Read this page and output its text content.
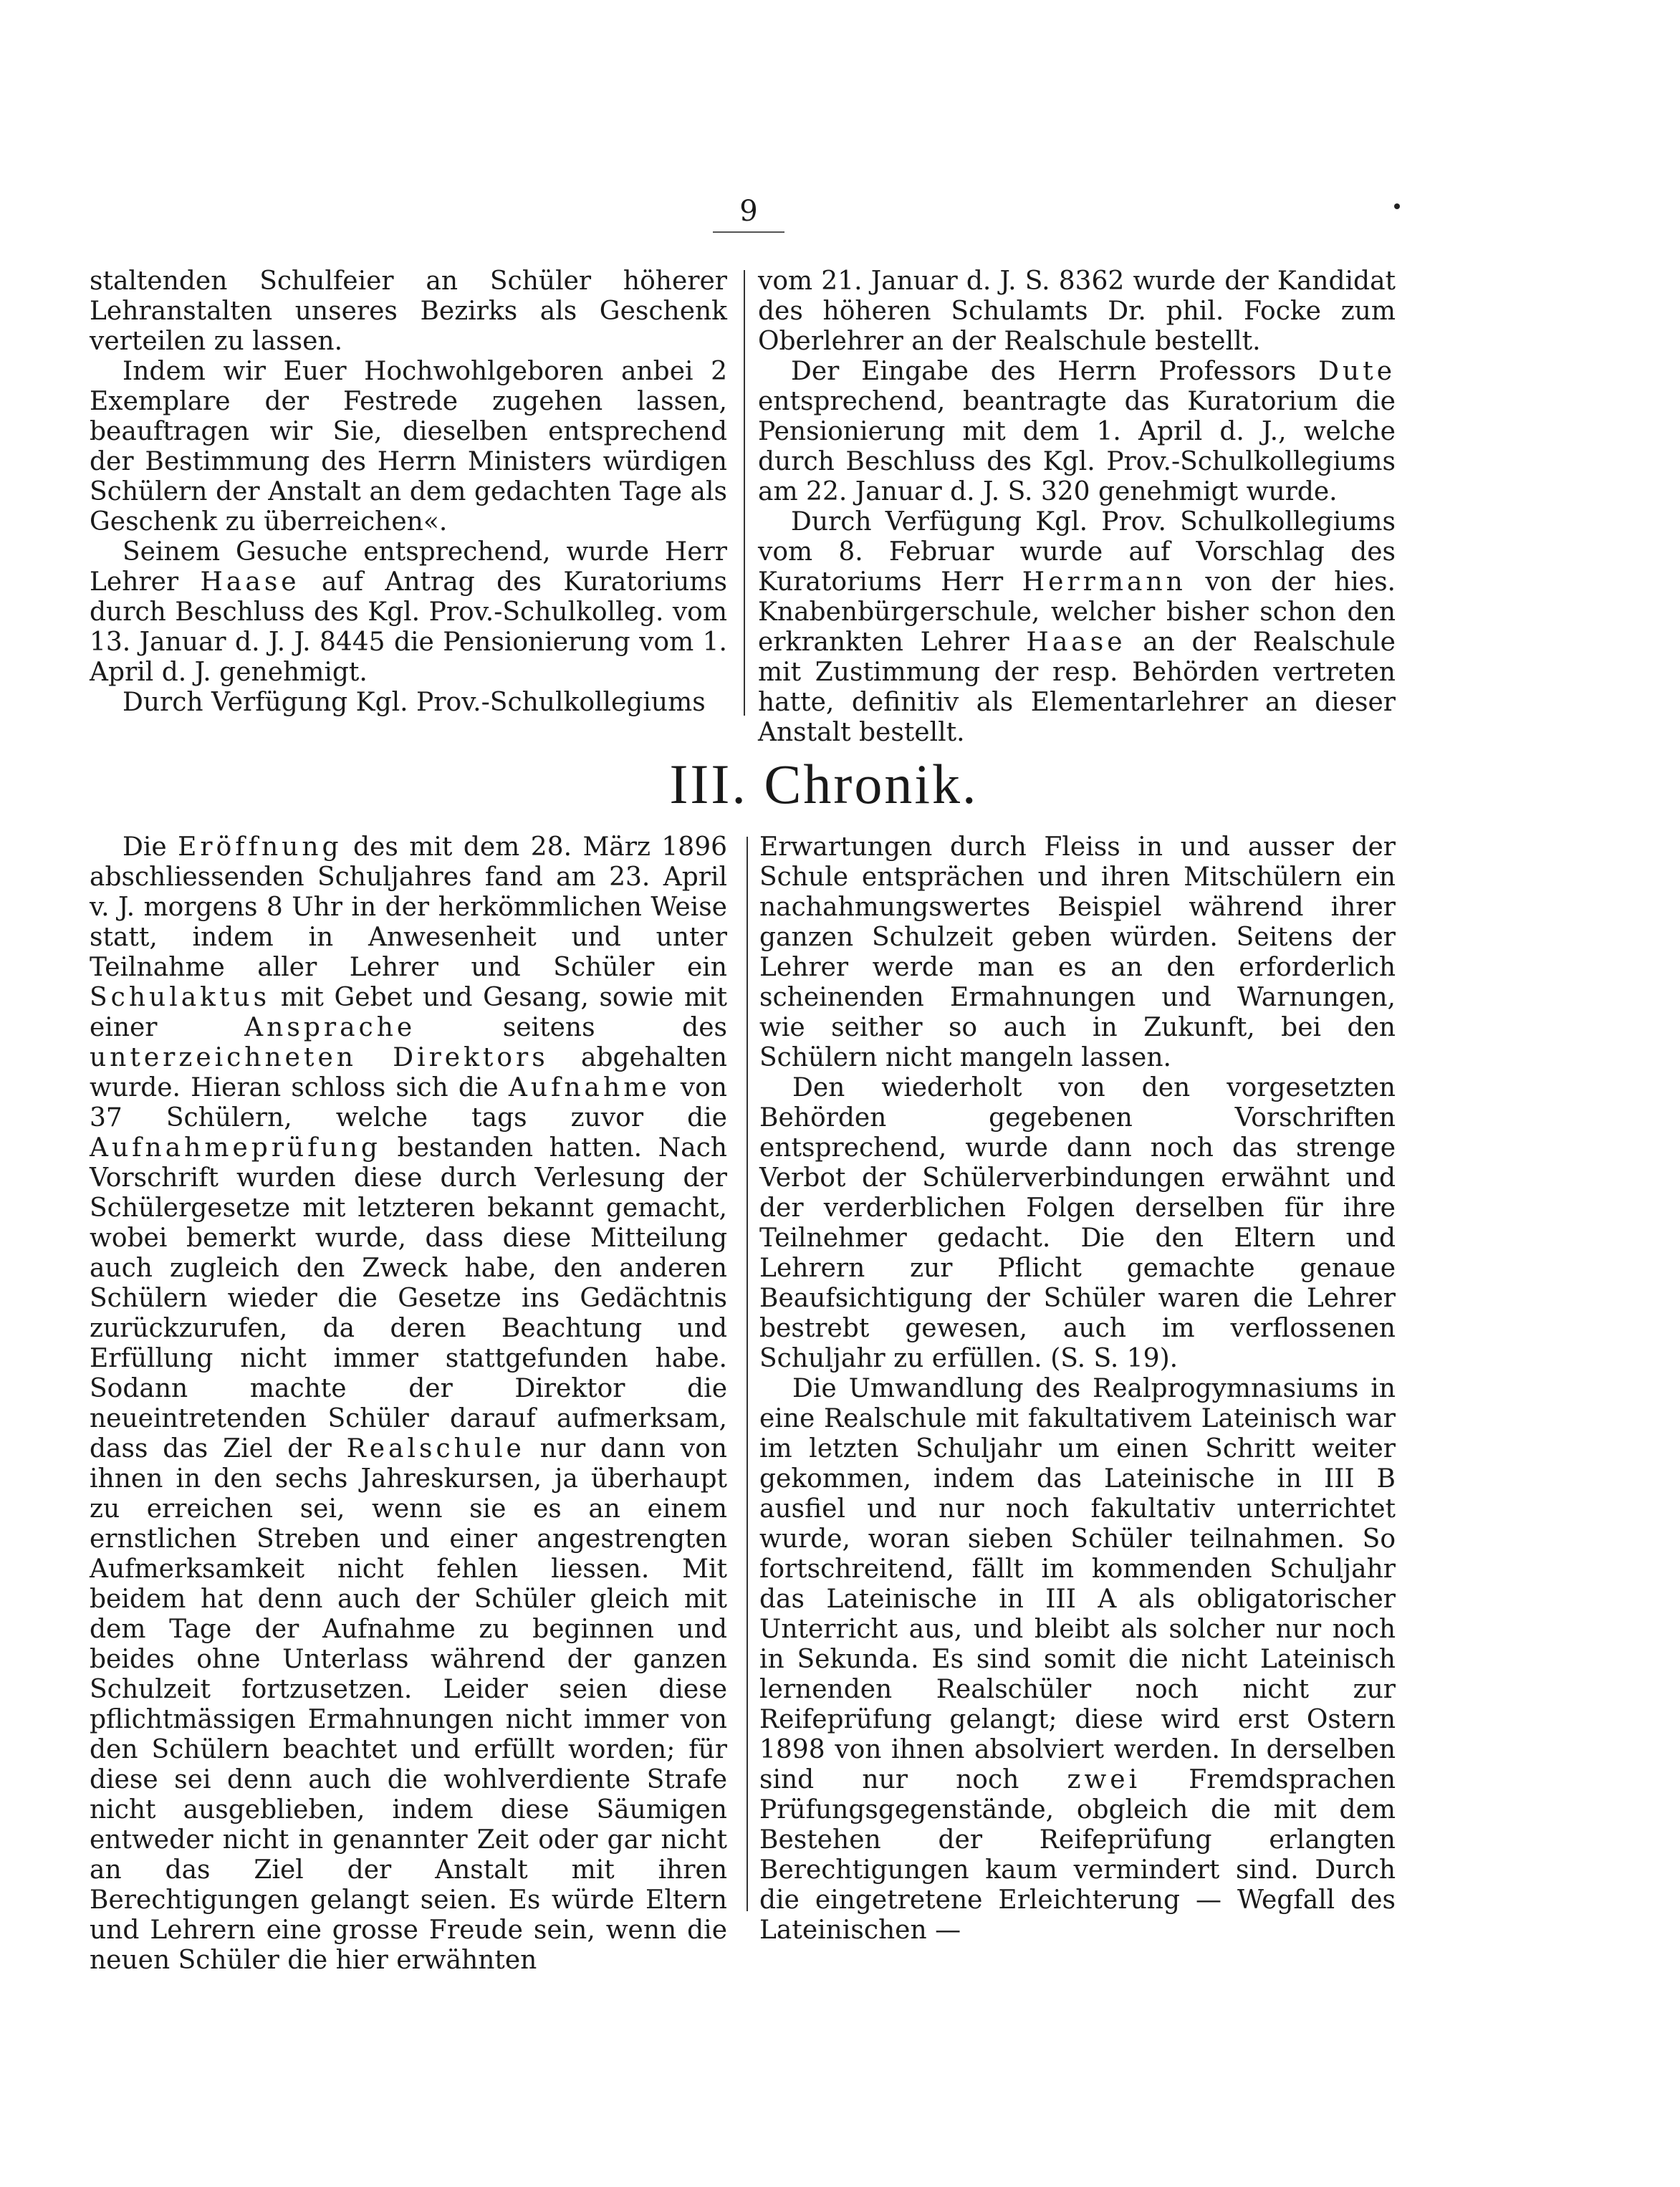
9

staltenden Schulfeier an Schüler höherer Lehranstalten unseres Bezirks als Geschenk verteilen zu lassen.

Indem wir Euer Hochwohlgeboren anbei 2 Exemplare der Festrede zugehen lassen, beauftragen wir Sie, dieselben entsprechend der Bestimmung des Herrn Ministers würdigen Schülern der Anstalt an dem gedachten Tage als Geschenk zu überreichen«.

Seinem Gesuche entsprechend, wurde Herr Lehrer Haase auf Antrag des Kuratoriums durch Beschluss des Kgl. Prov.-Schulkolleg. vom 13. Januar d. J. J. 8445 die Pensionierung vom 1. April d. J. genehmigt.

Durch Verfügung Kgl. Prov.-Schulkollegiums

vom 21. Januar d. J. S. 8362 wurde der Kandidat des höheren Schulamts Dr. phil. Focke zum Oberlehrer an der Realschule bestellt.

Der Eingabe des Herrn Professors Dute entsprechend, beantragte das Kuratorium die Pensionierung mit dem 1. April d. J., welche durch Beschluss des Kgl. Prov.-Schulkollegiums am 22. Januar d. J. S. 320 genehmigt wurde.

Durch Verfügung Kgl. Prov. Schulkollegiums vom 8. Februar wurde auf Vorschlag des Kuratoriums Herr Herrmann von der hies. Knabenbürgerschule, welcher bisher schon den erkrankten Lehrer Haase an der Realschule mit Zustimmung der resp. Behörden vertreten hatte, definitiv als Elementarlehrer an dieser Anstalt bestellt.

III. Chronik.

Die Eröffnung des mit dem 28. März 1896 abschliessenden Schuljahres fand am 23. April v. J. morgens 8 Uhr in der herkömmlichen Weise statt, indem in Anwesenheit und unter Teilnahme aller Lehrer und Schüler ein Schulaktus mit Gebet und Gesang, sowie mit einer	Ansprache	seitens des unterzeichneten Direktors abgehalten wurde. Hieran schloss sich die Aufnahme von 37 Schülern, welche tags zuvor die Aufnahmeprüfung bestanden hatten. Nach Vorschrift wurden diese durch Verlesung der Schülergesetze mit letzteren bekannt gemacht, wobei bemerkt wurde, dass diese Mitteilung auch zugleich den Zweck habe, den anderen Schülern wieder die Gesetze ins Gedächtnis zurückzurufen, da deren Beachtung und Erfüllung nicht immer stattgefunden habe. Sodann machte der Direktor die neueintretenden Schüler darauf aufmerksam, dass das Ziel der Realschule nur dann von ihnen in den sechs Jahreskursen, ja überhaupt zu erreichen sei, wenn sie es an einem ernstlichen Streben und einer angestrengten Aufmerksamkeit nicht fehlen liessen. Mit beidem hat denn auch der Schüler gleich mit dem Tage der Aufnahme zu beginnen und beides ohne Unterlass während der ganzen Schulzeit fortzusetzen. Leider seien diese pflichtmässigen Ermahnungen nicht immer von den Schülern beachtet und erfüllt worden; für diese sei denn auch die wohlverdiente Strafe nicht ausgeblieben, indem diese Säumigen entweder nicht in genannter Zeit oder gar nicht an das Ziel der Anstalt mit ihren Berechtigungen gelangt seien. Es würde Eltern und Lehrern eine grosse Freude sein, wenn die neuen Schüler die hier erwähnten

Erwartungen durch Fleiss in und ausser der Schule entsprächen und ihren Mitschülern ein nachahmungswertes Beispiel während ihrer ganzen Schulzeit geben würden. Seitens der Lehrer werde man es an den erforderlich scheinenden Ermahnungen und Warnungen, wie seither so auch in Zukunft, bei den Schülern nicht mangeln lassen.

Den wiederholt von den vorgesetzten Behörden gegebenen Vorschriften entsprechend, wurde dann noch das strenge Verbot der Schülerverbindungen erwähnt und der verderblichen Folgen derselben für ihre Teilnehmer gedacht. Die den Eltern und Lehrern zur Pflicht gemachte genaue Beaufsichtigung der Schüler waren die Lehrer bestrebt gewesen, auch im verflossenen Schuljahr zu erfüllen. (S. S. 19).

Die Umwandlung des Realprogymnasiums in eine Realschule mit fakultativem Lateinisch war im letzten Schuljahr um einen Schritt weiter gekommen, indem das Lateinische in III B ausfiel und nur noch fakultativ unterrichtet wurde, woran sieben Schüler teilnahmen. So fortschreitend, fällt im kommenden Schuljahr das Lateinische in III A als obligatorischer Unterricht aus, und bleibt als solcher nur noch in Sekunda. Es sind somit die nicht Lateinisch lernenden Realschüler noch nicht zur Reifeprüfung gelangt; diese wird erst Ostern 1898 von ihnen absolviert werden. In derselben sind nur noch zwei Fremdsprachen Prüfungsgegenstände, obgleich die mit dem Bestehen der Reifeprüfung erlangten Berechtigungen kaum vermindert sind. Durch die eingetretene Erleichterung — Wegfall des Lateinischen —
